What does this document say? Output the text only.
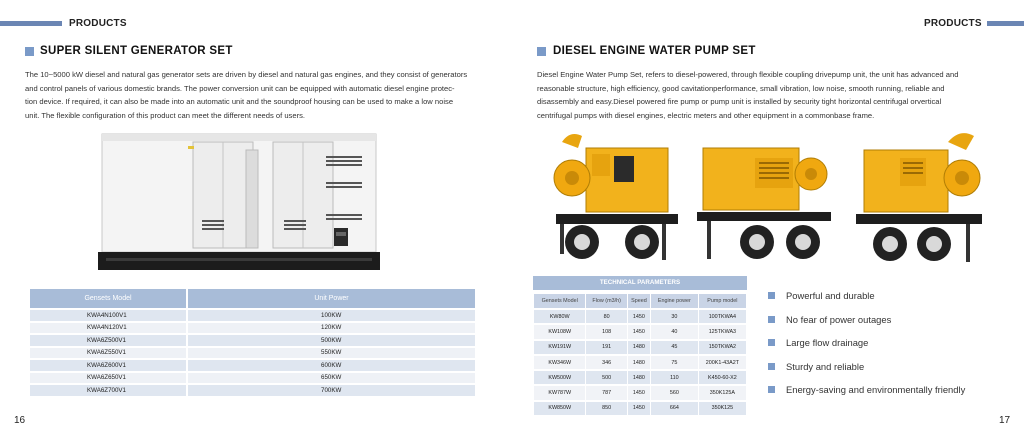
PRODUCTS	PRODUCTS
SUPER SILENT GENERATOR SET
The 10~5000 kW diesel and natural gas generator sets are driven by diesel and natural gas engines, and they consist of generators
and control panels of various domestic brands. The power conversion unit can be equipped with automatic diesel engine protec-
tion device. If required, it can also be made into an automatic unit and the soundproof housing can be used to make a low noise
unit. The flexible configuration of this product can meet the different needs of users.
Gensets Model		Unit Power
KWA4N100V1		100KW
KWA4N120V1		120KW
KWA6Z500V1		500KW
KWA6Z550V1		550KW
KWA6Z600V1		600KW
KWA6Z650V1		650KW
KWA6Z700V1		700KW
16
DIESEL ENGINE WATER PUMP SET
Diesel Engine Water Pump Set, refers to diesel-powered, through flexible coupling drivepump unit, the unit has advanced and
reasonable structure, high efficiency, good cavitationperformance, small vibration, low noise, smooth running, reliable and
disassembly and easy.Diesel powered fire pump or pump unit is installed by security tight horizontal centrifugal orvertical
centrifugal pumps with diesel engines, electric meters and other equipment in a commonbase frame.
TECHNICAL PARAMETERS
Gensets Model	Flow (m3/h)	Speed	Engine power	Pump model
KW80W	80	1450	30	100TKWA4
KW108W	108	1450	40	125TKWA3
KW191W	191	1480	45	150TKWA2
KW346W	346	1480	75	200K1-43A2T
KW500W	500	1480	110	K450-60-X2
KW787W	787	1450	560	350K125A
KW850W	850	1450	664	350K125
Powerful and durable
No fear of power outages
Large flow drainage
Sturdy and reliable
Energy-saving and environmentally friendly
17
